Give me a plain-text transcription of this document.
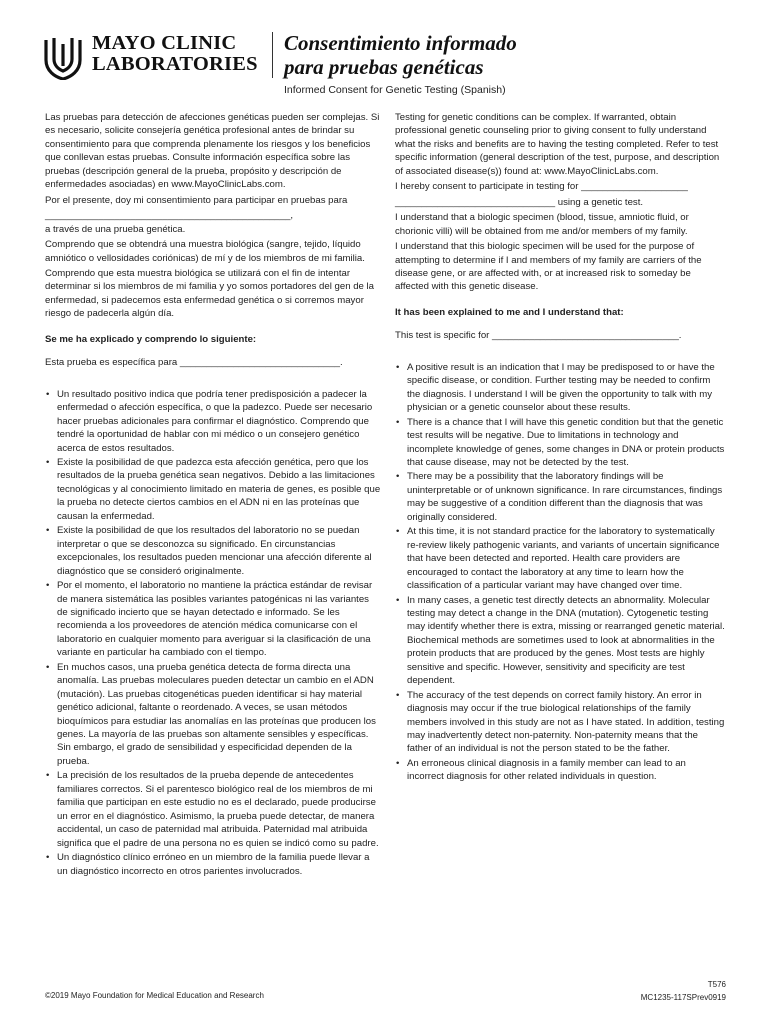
MAYO CLINIC
LABORATORIES
Consentimiento informado
para pruebas genéticas
Informed Consent for Genetic Testing (Spanish)
Las pruebas para detección de afecciones genéticas pueden ser complejas. Si es necesario, solicite consejería genética profesional antes de brindar su consentimiento para que comprenda plenamente los riesgos y los beneficios que conllevan estas pruebas. Consulte información específica sobre las pruebas (descripción general de la prueba, propósito y descripción de enfermedades asociadas) en www.MayoClinicLabs.com.
Por el presente, doy mi consentimiento para participar en pruebas para
______________________________________________,
a través de una prueba genética.
Comprendo que se obtendrá una muestra biológica (sangre, tejido, líquido amniótico o vellosidades coriónicas) de mí y de los miembros de mi familia.
Comprendo que esta muestra biológica se utilizará con el fin de intentar determinar si los miembros de mi familia y yo somos portadores del gen de la enfermedad, si padecemos esta enfermedad genética o si corremos mayor riesgo de padecerla algún día.
Se me ha explicado y comprendo lo siguiente:
Esta prueba es específica para ______________________________.
• Un resultado positivo indica que podría tener predisposición a padecer la enfermedad o afección específica, o que la padezco. Puede ser necesario hacer pruebas adicionales para confirmar el diagnóstico. Comprendo que tendré la oportunidad de hablar con mi médico o un consejero genético acerca de estos resultados.
• Existe la posibilidad de que padezca esta afección genética, pero que los resultados de la prueba genética sean negativos. Debido a las limitaciones tecnológicas y al conocimiento limitado en materia de genes, es posible que la prueba no detecte ciertos cambios en el ADN ni en las proteínas que causan la enfermedad.
• Existe la posibilidad de que los resultados del laboratorio no se puedan interpretar o que se desconozca su significado. En circunstancias excepcionales, los resultados pueden mencionar una afección diferente al diagnóstico que se consideró originalmente.
• Por el momento, el laboratorio no mantiene la práctica estándar de revisar de manera sistemática las posibles variantes patogénicas ni las variantes de significado incierto que se hayan detectado e informado. Se les recomienda a los proveedores de atención médica comunicarse con el laboratorio en cualquier momento para averiguar si la clasificación de una variante en particular ha cambiado con el tiempo.
• En muchos casos, una prueba genética detecta de forma directa una anomalía. Las pruebas moleculares pueden detectar un cambio en el ADN (mutación). Las pruebas citogenéticas pueden identificar si hay material genético adicional, faltante o reordenado. A veces, se usan métodos bioquímicos para estudiar las anomalías en las proteínas que producen los genes. La mayoría de las pruebas son altamente sensibles y específicas. Sin embargo, el grado de sensibilidad y especificidad dependen de la prueba.
• La precisión de los resultados de la prueba depende de antecedentes familiares correctos. Si el parentesco biológico real de los miembros de mi familia que participan en este estudio no es el declarado, puede producirse un error en el diagnóstico. Asimismo, la prueba puede detectar, de manera accidental, un caso de paternidad mal atribuida. Paternidad mal atribuida significa que el padre de una persona no es quien se indicó como su padre.
• Un diagnóstico clínico erróneo en un miembro de la familia puede llevar a un diagnóstico incorrecto en otros parientes involucrados.
Testing for genetic conditions can be complex. If warranted, obtain professional genetic counseling prior to giving consent to fully understand what the risks and benefits are to having the testing completed. Refer to test specific information (general description of the test, purpose, and description of associated disease(s)) found at: www.MayoClinicLabs.com.
I hereby consent to participate in testing for ____________________
______________________________ using a genetic test.
I understand that a biologic specimen (blood, tissue, amniotic fluid, or chorionic villi) will be obtained from me and/or members of my family.
I understand that this biologic specimen will be used for the purpose of attempting to determine if I and members of my family are carriers of the disease gene, or are affected with, or at increased risk to someday be affected with this genetic disease.
It has been explained to me and I understand that:
This test is specific for ___________________________________.
• A positive result is an indication that I may be predisposed to or have the specific disease, or condition. Further testing may be needed to confirm the diagnosis. I understand I will be given the opportunity to talk with my physician or a genetic counselor about these results.
• There is a chance that I will have this genetic condition but that the genetic test results will be negative. Due to limitations in technology and incomplete knowledge of genes, some changes in DNA or protein products that cause disease, may not be detected by the test.
• There may be a possibility that the laboratory findings will be uninterpretable or of unknown significance. In rare circumstances, findings may be suggestive of a condition different than the diagnosis that was originally considered.
• At this time, it is not standard practice for the laboratory to systematically re-review likely pathogenic variants, and variants of uncertain significance that have been detected and reported. Health care providers are encouraged to contact the laboratory at any time to learn how the classification of a particular variant may have changed over time.
• In many cases, a genetic test directly detects an abnormality. Molecular testing may detect a change in the DNA (mutation). Cytogenetic testing may identify whether there is extra, missing or rearranged genetic material. Biochemical methods are sometimes used to look at abnormalities in the protein products that are produced by the genes. Most tests are highly sensitive and specific. However, sensitivity and specificity are test dependent.
• The accuracy of the test depends on correct family history. An error in diagnosis may occur if the true biological relationships of the family members involved in this study are not as I have stated. In addition, testing may inadvertently detect non-paternity. Non-paternity means that the father of an individual is not the person stated to be the father.
• An erroneous clinical diagnosis in a family member can lead to an incorrect diagnosis for other related individuals in question.
©2019 Mayo Foundation for Medical Education and Research
T576
MC1235-117SPrev0919
